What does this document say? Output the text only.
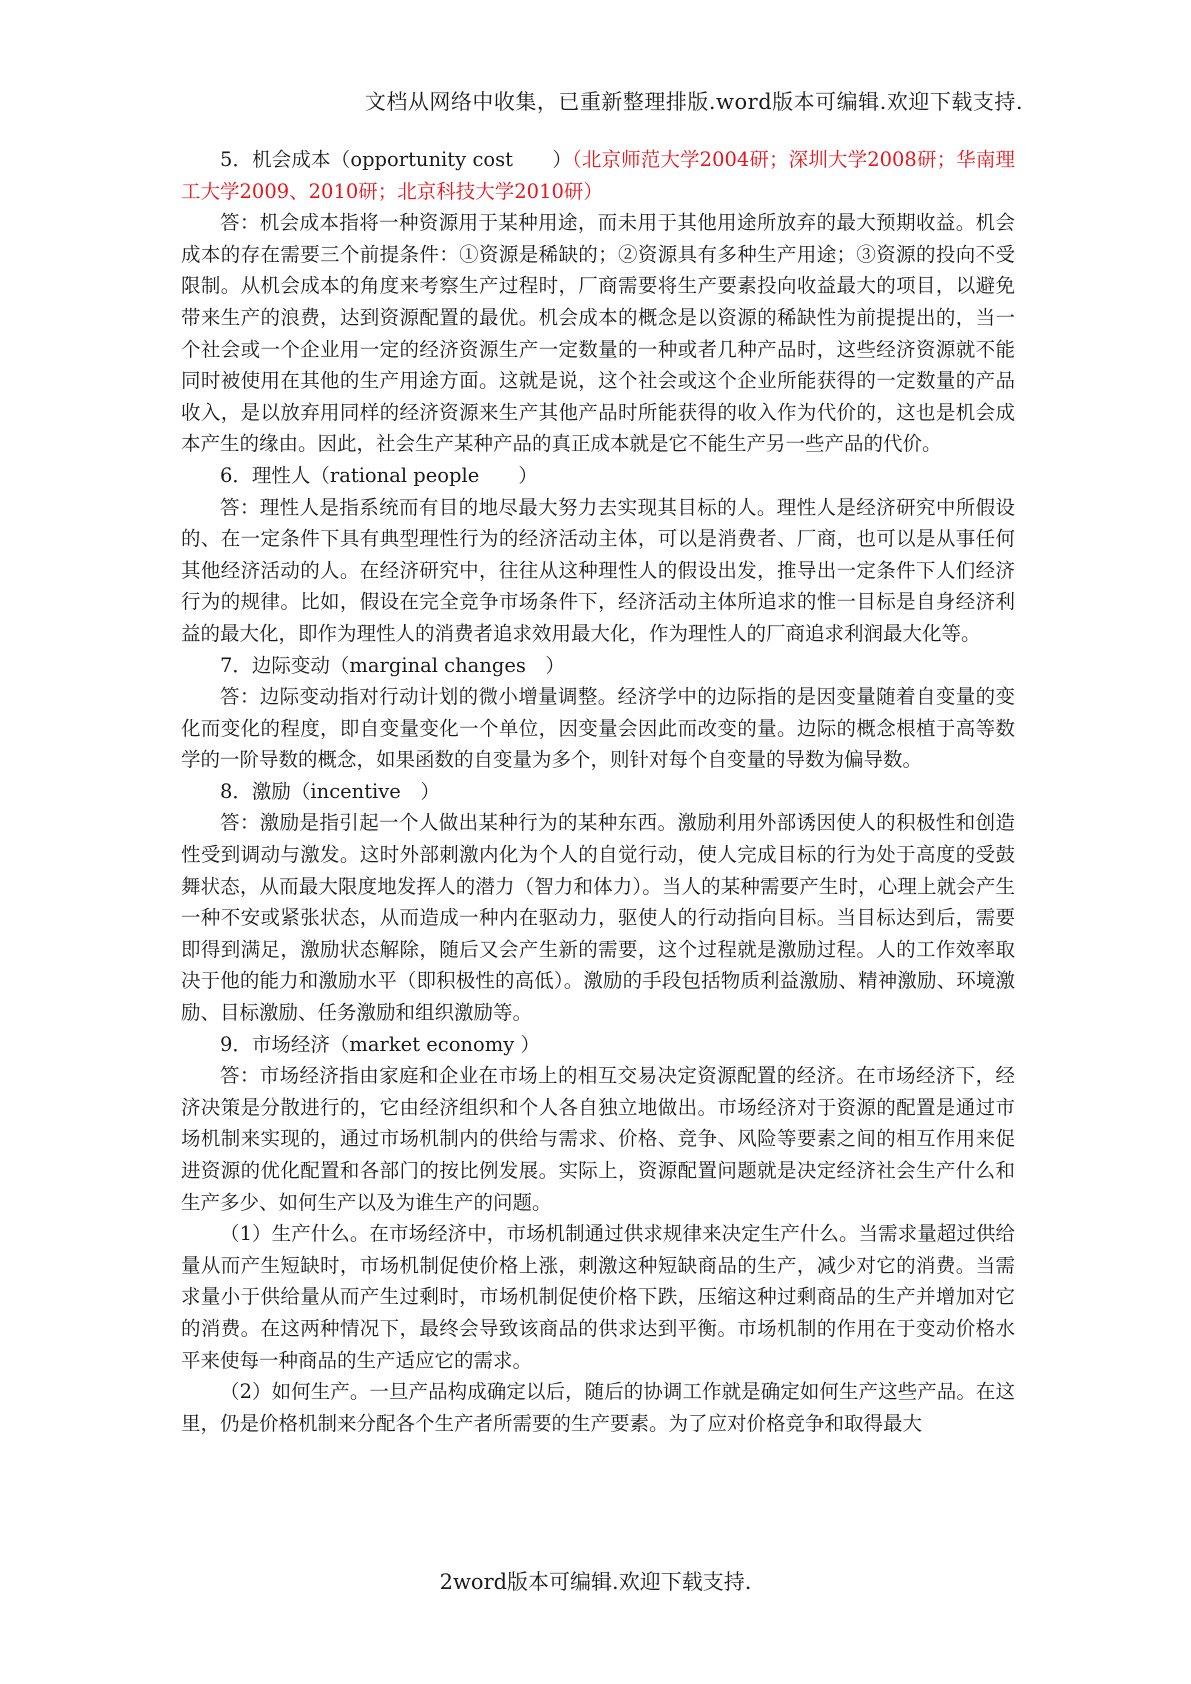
文档从网络中收集，已重新整理排版.word版本可编辑.欢迎下载支持.

5．机会成本（opportunity cost　　）（北京师范大学2004研；深圳大学2008研；华南理工大学2009、2010研；北京科技大学2010研）

答：机会成本指将一种资源用于某种用途，而未用于其他用途所放弃的最大预期收益。机会成本的存在需要三个前提条件：①资源是稀缺的；②资源具有多种生产用途；③资源的投向不受限制。从机会成本的角度来考察生产过程时，厂商需要将生产要素投向收益最大的项目，以避免带来生产的浪费，达到资源配置的最优。机会成本的概念是以资源的稀缺性为前提提出的，当一个社会或一个企业用一定的经济资源生产一定数量的一种或者几种产品时，这些经济资源就不能同时被使用在其他的生产用途方面。这就是说，这个社会或这个企业所能获得的一定数量的产品收入，是以放弃用同样的经济资源来生产其他产品时所能获得的收入作为代价的，这也是机会成本产生的缘由。因此，社会生产某种产品的真正成本就是它不能生产另一些产品的代价。

6．理性人（rational people　　）

答：理性人是指系统而有目的地尽最大努力去实现其目标的人。理性人是经济研究中所假设的、在一定条件下具有典型理性行为的经济活动主体，可以是消费者、厂商，也可以是从事任何其他经济活动的人。在经济研究中，往往从这种理性人的假设出发，推导出一定条件下人们经济行为的规律。比如，假设在完全竞争市场条件下，经济活动主体所追求的惟一目标是自身经济利益的最大化，即作为理性人的消费者追求效用最大化，作为理性人的厂商追求利润最大化等。

7．边际变动（marginal changes　）

答：边际变动指对行动计划的微小增量调整。经济学中的边际指的是因变量随着自变量的变化而变化的程度，即自变量变化一个单位，因变量会因此而改变的量。边际的概念根植于高等数学的一阶导数的概念，如果函数的自变量为多个，则针对每个自变量的导数为偏导数。

8．激励（incentive　）

答：激励是指引起一个人做出某种行为的某种东西。激励利用外部诱因使人的积极性和创造性受到调动与激发。这时外部刺激内化为个人的自觉行动，使人完成目标的行为处于高度的受鼓舞状态，从而最大限度地发挥人的潜力（智力和体力）。当人的某种需要产生时，心理上就会产生一种不安或紧张状态，从而造成一种内在驱动力，驱使人的行动指向目标。当目标达到后，需要即得到满足，激励状态解除，随后又会产生新的需要，这个过程就是激励过程。人的工作效率取决于他的能力和激励水平（即积极性的高低）。激励的手段包括物质利益激励、精神激励、环境激励、目标激励、任务激励和组织激励等。

9．市场经济（market economy ）

答：市场经济指由家庭和企业在市场上的相互交易决定资源配置的经济。在市场经济下，经济决策是分散进行的，它由经济组织和个人各自独立地做出。市场经济对于资源的配置是通过市场机制来实现的，通过市场机制内的供给与需求、价格、竞争、风险等要素之间的相互作用来促进资源的优化配置和各部门的按比例发展。实际上，资源配置问题就是决定经济社会生产什么和生产多少、如何生产以及为谁生产的问题。

（1）生产什么。在市场经济中，市场机制通过供求规律来决定生产什么。当需求量超过供给量从而产生短缺时，市场机制促使价格上涨，刺激这种短缺商品的生产，减少对它的消费。当需求量小于供给量从而产生过剩时，市场机制促使价格下跌，压缩这种过剩商品的生产并增加对它的消费。在这两种情况下，最终会导致该商品的供求达到平衡。市场机制的作用在于变动价格水平来使每一种商品的生产适应它的需求。

（2）如何生产。一旦产品构成确定以后，随后的协调工作就是确定如何生产这些产品。在这里，仍是价格机制来分配各个生产者所需要的生产要素。为了应对价格竞争和取得最大

2word版本可编辑.欢迎下载支持.
